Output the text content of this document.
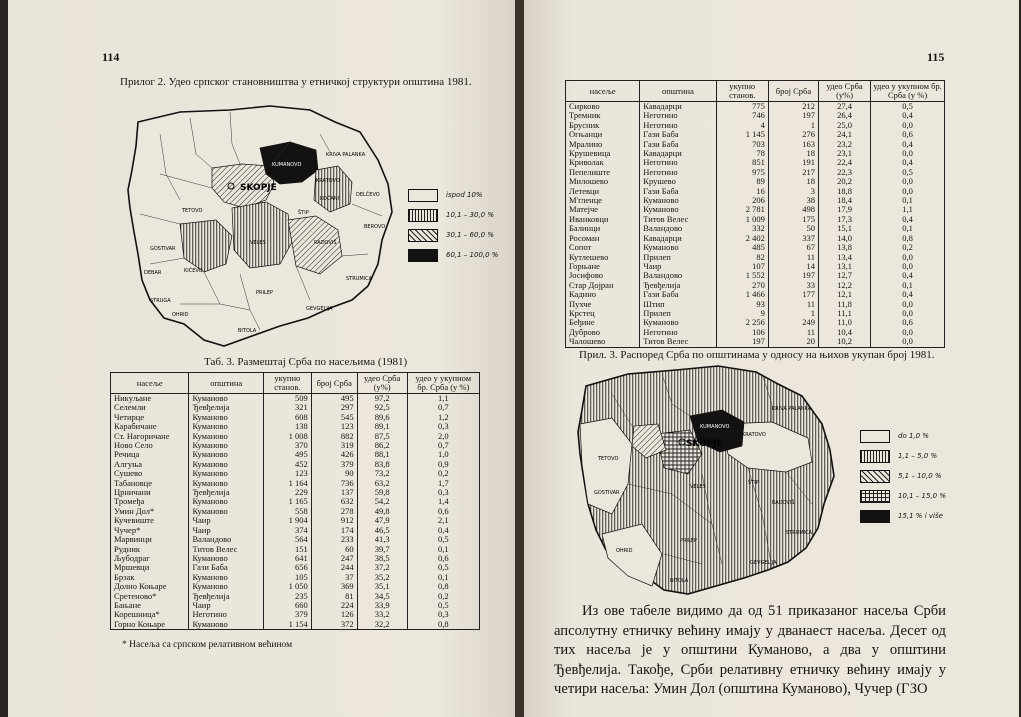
114
Прилог 2. Удео српског становништва у етничкој структури општина 1981.
SKOPJE
KUMANOVO
TETOVO
GOSTIVAR
VELES
BITOLA
PRILEP
STRUGA
OHRID
KIČEVO
DEBAR
KRATOVO
STRUMICA
RADOVIŠ
KOČANI
ŠTIP
DELČEVO
BEROVO
GEVGELIJA
KRIVA PALANKA
ispod 10%
10,1 – 30,0 %
30,1 – 60,0 %
60,1 – 100,0 %
Таб. 3. Размештај Срба по насељима (1981)
насеље	општина	укупно станов.	број Срба	удео Срба (у%)	удео у укупном бр. Срба (у %)
Никуљане	Куманово	509	495	97,2	1,1
Селемли	Ђевђелија	321	297	92,5	0,7
Четирце	Куманово	608	545	89,6	1,2
Карабичане	Куманово	138	123	89,1	0,3
Ст. Нагоричане	Куманово	1 008	882	87,5	2,0
Ново Село	Куманово	370	319	86,2	0,7
Речица	Куманово	495	426	88,1	1,0
Алгуња	Куманово	452	379	83,8	0,9
Сушево	Куманово	123	90	73,2	0,2
Табановце	Куманово	1 164	736	63,2	1,7
Црничани	Ђевђелија	229	137	59,8	0,3
Тромеђа	Куманово	1 165	632	54,2	1,4
Умин Дол*	Куманово	558	278	49,8	0,6
Кучевиште	Чаир	1 904	912	47,9	2,1
Чучер*	Чаир	374	174	46,5	0,4
Марвинци	Валандово	564	233	41,3	0,5
Рудник	Титов Велес	151	60	39,7	0,1
Љубодраг	Куманово	641	247	38,5	0,6
Мршевци	Гази Баба	656	244	37,2	0,5
Брзак	Куманово	105	37	35,2	0,1
Долно Коњаре	Куманово	1 050	369	35,1	0,8
Сретеново*	Ђевђелија	235	81	34,5	0,2
Бањане	Чаир	660	224	33,9	0,5
Корешница*	Неготино	379	126	33,2	0,3
Горно Коњаре	Куманово	1 154	372	32,2	0,8
* Насеља са српском релативном већином
115
насеље	општина	укупно станов.	број Срба	удео Срба (у%)	удео у укупном бр. Срба (у %)
Сирково	Кавадарци	775	212	27,4	0,5
Тремник	Неготино	746	197	26,4	0,4
Брусник	Неготино	4	1	25,0	0,0
Огњанци	Гази Баба	1 145	276	24,1	0,6
Мралино	Гази Баба	703	163	23,2	0,4
Крушевица	Кавадарци	78	18	23,1	0,0
Криволак	Неготино	851	191	22,4	0,4
Пепелиште	Неготино	975	217	22,3	0,5
Милошево	Крушево	89	18	20,2	0,0
Летевци	Гази Баба	16	3	18,8	0,0
М'гленце	Куманово	206	38	18,4	0,1
Матејче	Куманово	2 781	498	17,9	1,1
Иванковци	Титов Велес	1 009	175	17,3	0,4
Балинци	Валандово	332	50	15,1	0,1
Росоман	Кавадарци	2 402	337	14,0	0,8
Сопот	Куманово	485	67	13,8	0,2
Кутлешево	Прилеп	82	11	13,4	0,0
Горњане	Чаир	107	14	13,1	0,0
Јосифово	Валандово	1 552	197	12,7	0,4
Стар Дојран	Ђевђелија	270	33	12,2	0,1
Кадино	Гази Баба	1 466	177	12,1	0,4
Пухче	Штип	93	11	11,8	0,0
Крстец	Прилеп	9	1	11,1	0,0
Беђине	Куманово	2 256	249	11,0	0,6
Дуброво	Неготино	106	11	10,4	0,0
Чалошево	Титов Велес	197	20	10,2	0,0
Прил. 3. Распоред Срба по општинама у односу на њихов укупан број 1981.
SKOPJE
KUMANOVO
KRATOVO
KRIVA PALANKA
TETOVO
GOSTIVAR
VELES
ŠTIP
STRUMICA
BITOLA
PRILEP
GEVGELIJA
OHRID
RADOVIŠ
do 1,0 %
1,1 – 5,0 %
5,1 – 10,0 %
10,1 – 15,0 %
15,1 % i više

Из ове табеле видимо да од 51 приказаног насеља Срби апсолутну етничку већину имају у дванаест насеља. Десет од тих насеља је у општини Куманово, а два у општини Ђевђелија. Такође, Срби релативну етничку већину имају у четири насеља: Умин Дол (општина Куманово), Чучер (ГЗО
